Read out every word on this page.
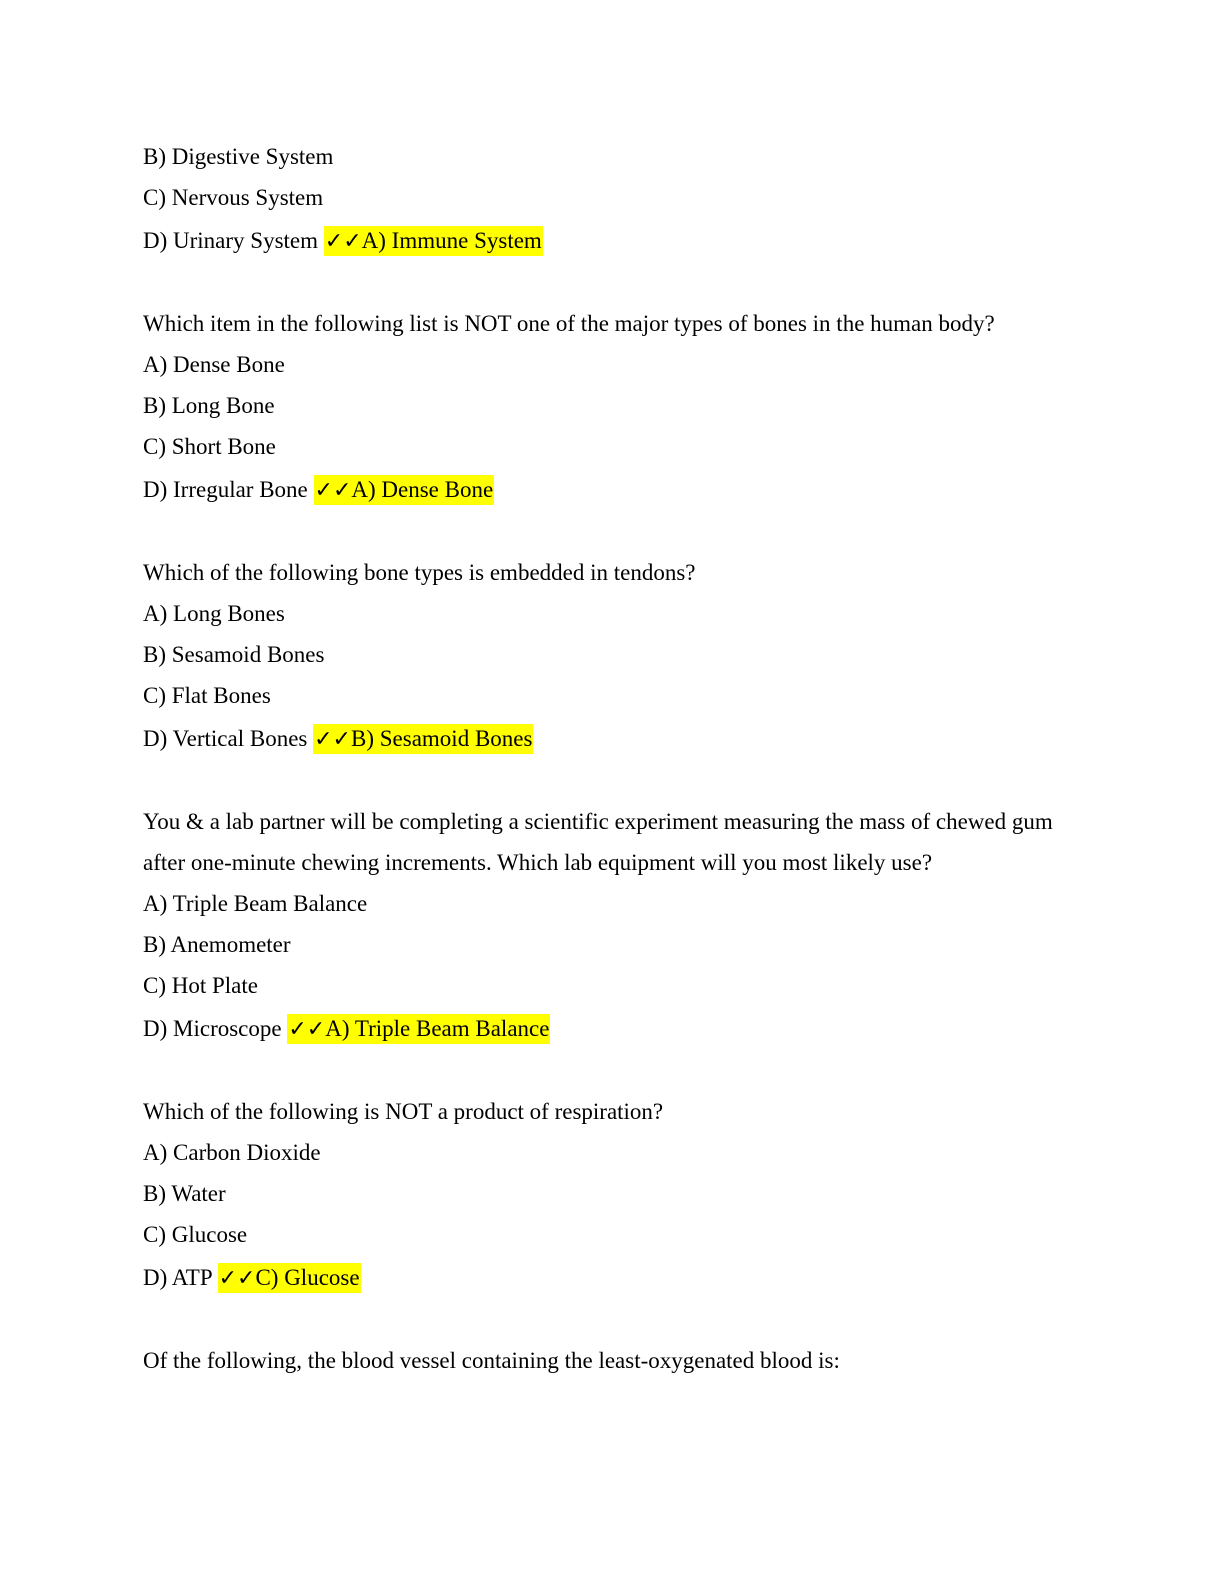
B) Digestive System
C) Nervous System
D) Urinary System ✓✓A) Immune System
Which item in the following list is NOT one of the major types of bones in the human body?
A) Dense Bone
B) Long Bone
C) Short Bone
D) Irregular Bone ✓✓A) Dense Bone
Which of the following bone types is embedded in tendons?
A) Long Bones
B) Sesamoid Bones
C) Flat Bones
D) Vertical Bones ✓✓B) Sesamoid Bones
You & a lab partner will be completing a scientific experiment measuring the mass of chewed gum
after one-minute chewing increments. Which lab equipment will you most likely use?
A) Triple Beam Balance
B) Anemometer
C) Hot Plate
D) Microscope ✓✓A) Triple Beam Balance
Which of the following is NOT a product of respiration?
A) Carbon Dioxide
B) Water
C) Glucose
D) ATP ✓✓C) Glucose
Of the following, the blood vessel containing the least-oxygenated blood is:
